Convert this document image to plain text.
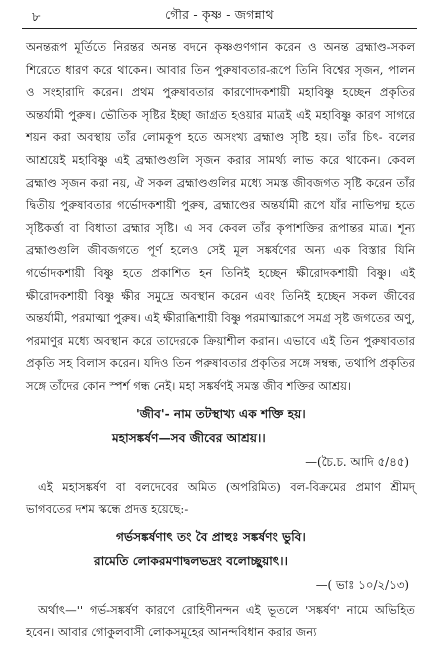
৮	গৌর - কৃষ্ণ - জগন্নাথ

অনন্তরূপ মূর্তিতে নিরন্তর অনন্ত বদনে কৃষ্ণগুণগান করেন ও অনন্ত ব্রহ্মাণ্ড-সকল শিরেতে ধারণ করে থাকেন। আবার তিন পুরুষাবতার-রূপে তিনি বিশ্বের সৃজন, পালন ও সংহারাদি করেন। প্রথম পুরুষাবতার কারণোদকশায়ী মহাবিষ্ণু হচ্ছেন প্রকৃতির অন্তর্যামী পুরুষ। ভৌতিক সৃষ্টির ইচ্ছা জাগ্রত হওয়ার মাত্রই এই মহাবিষ্ণু কারণ সাগরে শয়ন করা অবস্থায় তাঁর লোমকূপ হতে অসংখ্য ব্রহ্মাণ্ড সৃষ্টি হয়। তাঁর চিৎ- বলের আশ্রয়েই মহাবিষ্ণু এই ব্রহ্মাণ্ডগুলি সৃজন করার সামর্থ্য লাভ করে থাকেন। কেবল ব্রহ্মাণ্ড সৃজন করা নয়, ঐ সকল ব্রহ্মাণ্ডগুলির মধ্যে সমস্ত জীবজগত সৃষ্টি করেন তাঁর দ্বিতীয় পুরুষাবতার গর্ভোদকশায়ী পুরুষ, ব্রহ্মাণ্ডের অন্তর্যামী রূপে যাঁর নাভিপদ্ম হতে সৃষ্টিকর্ত্তা বা বিধাতা ব্রহ্মার সৃষ্টি। এ সব কেবল তাঁর কৃপাশক্তির রূপান্তর মাত্র। শূন্য ব্রহ্মাণ্ডগুলি জীবজগতে পূর্ণ হলেও সেই মূল সঙ্কর্ষণের অন্য এক বিস্তার যিনি গর্ভোদকশায়ী বিষ্ণু হতে প্রকাশিত হন তিনিই হচ্ছেন ক্ষীরোদকশায়ী বিষ্ণু। এই ক্ষীরোদকশায়ী বিষ্ণু ক্ষীর সমুদ্রে অবস্থান করেন এবং তিনিই হচ্ছেন সকল জীবের অন্তর্যামী, পরমাত্মা পুরুষ। এই ক্ষীরাব্ধিশায়ী বিষ্ণু পরমাত্মারূপে সমগ্র সৃষ্ট জগতের অণু, পরমাণুর মধ্যে অবস্থান করে তাদেরকে ক্রিয়াশীল করান। এভাবে এই তিন পুরুষাবতার প্রকৃতি সহ বিলাস করেন। যদিও তিন পরুষাবতার প্রকৃতির সঙ্গে সম্বন্ধ, তথাপি প্রকৃতির সঙ্গে তাঁদের কোন স্পর্শ গন্ধ নেই। মহা সঙ্কর্ষণই সমস্ত জীব শক্তির আশ্রয়।

'জীব'- নাম তটস্থাখ্য এক শক্তি হয়।
মহাসঙ্কর্ষণ—সব জীবের আশ্রয়।।
—(চৈ.চ. আদি ৫/৪৫)

এই মহাসঙ্কর্ষণ বা বলদেবের অমিত (অপরিমিত) বল-বিক্রমের প্রমাণ শ্রীমদ্ ভাগবতের দশম স্কন্ধে প্রদত্ত হয়েছে:-

গর্ভসঙ্কর্ষণাৎ তং বৈ প্রাহুঃ সঙ্কর্ষণং ভুবি।
রামেতি লোকরমণাদ্বলভদ্রং বলোচ্ছুয়াৎ।।
—( ভাঃ ১০/২/১৩)

অর্থাৎ—'' গর্ভ-সঙ্কর্ষণ কারণে রোহিণীনন্দন এই ভূতলে 'সঙ্কর্ষণ' নামে অভিহিত হবেন। আবার গোকুলবাসী লোকসমূহের আনন্দবিধান করার জন্য
